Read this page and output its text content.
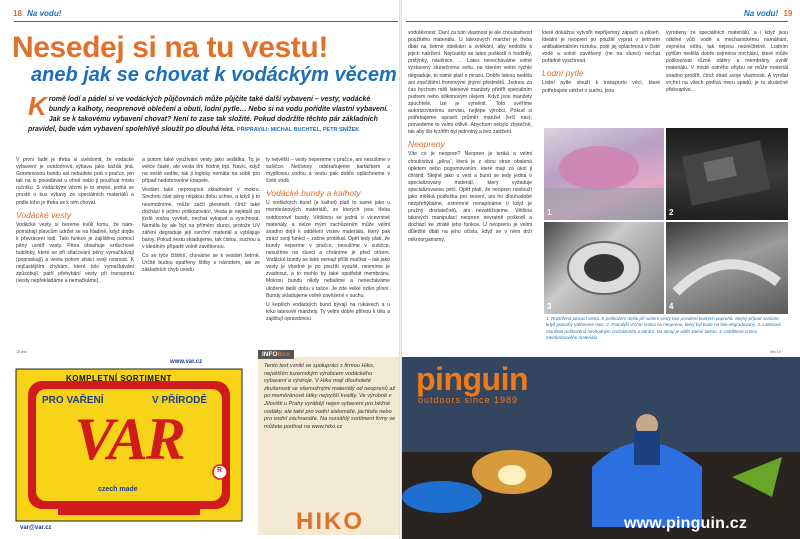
18 Na vodu!
Nesedej si na tu vestu!
aneb jak se chovat k vodáckým věcem
K romě lodí a pádel si ve vodáckých půjčovnách může půjčite také další vybavení – vesty, vodácké bundy a kalhoty, neoprenové oblečení a obuti, lodní pytle… Nebo si na vodu pořídíte vlastní vybavení. Jak se k takovému vybavení chovat? Není to zase tak složité. Pokud dodržíte těchto pár základních pravidel, bude vám vybavení spolehlivě sloužit po dlouhá léta. PŘIPRAVILI: MICHAL BUCHTEL, PETR SNÍŽEK

V první řadě je třeba si uvědomit, že vodácké vybavení je outdoorová výbava jako každá jiná. Goretexovou bundu asi nebudete prát v pračce, jen tak na ni posedávat u ohně nebo ji používat místo ručníku. S vodáckými věcmi je to stejné, jedná se prostě o kus výbavy ze speciálních materiálů a podle toho je třeba se k nim chovat.

Vodácké vesty

Vodácké vesty si bereme kvůli tomu, že námpomáhají plavcům udržet se na hladině, když dojde k převrácení lodi. Tato funkce je zajištěna pomocí pěny uvnitř vesty. Pěna obsahuje vzduchové bublinky, které se při stlačování pěny vymačkávají (popraskají) a vesta potom ztrácí svoji nosnost. K nejčastějším chybám, které tolo vymačkávání způsobují, patří přehybání vesty při transportu (vesty nepřekládáme a nemačkáme),

a potom také využívání vesty jako sedátka. To je velice časté, ale vesta tím hodně trpí. Navíc, když na vestě sedíte, tak ji logicky nemáte na sobě pro případ nedobrovolné koupele.

Vestám také neprospívá skladování v mokru. Sinchrní část pěny nějakou dobu schne, a když ji to neumožníme, může začít plesnivět, čímž také dochází k jejímu poškozování. Vesta je nejlepší po jízdě vodou vyvěsit, nechat vykapat a vyschnout. Neměla by ale být na přímém slunci, protože UV záření degraduje její svrchní materiál a vyblajuje barvy. Pokud vestu skladujeme, tak čistou, suchou a v ideálním případě volně zavěšenou.

Co se týče čištění, chováme se k vestám šetrně. Určitě budou opatřeny štítky s návodem, ale ze základních chyb uvedu

ty největší – vesty nepereme v pračce, ani nesušíme v sušičce. Nečistoty odstraňujeme kartáčkem a myjdlovou vodou a vestu pak dobře opláchneme v čisté vodě.

Vodácké bundy a kalhoty

U vodáckých bund (a kalhot) platí to samé jako u membránových materiálů, ze kterých jsou třeba outdoorové bundy. Většinou se jedná o vícevrstvé materiály, a nelze mým zachůzením může velmi snadno dojít k oddělení vrstev materiálu, který pak ztrácí svoji funkci – začne protékat. Opět tedy platí, že bundy neperme v pračce, nesušíme v sušičce, nesušíme na slunci a chráníme je před otírem. Vodácké bundy se také nemají příliš mačkat – tak jako vesty je vhodné je po použití vysušit, nesmíme je zvadnout, a to mohlo by také opotřebit membránu. Mokrou bundu nikdy nebalíme a nenecháváme uložené delší dobu v tašce. Je zde velké riziko plísní. Bundy skladujeme volně zavěšené v suchu.

U kepších vodáckých bund bývají na rukávech a u krku latexové manžety. Ty velmi dobře přilnou k tělu a zajištují opravdovou

18 léto
www.var.cz
KOMPLETNÍ SORTIMENT
PRO VAŘENÍ	V PŘÍRODĚ
VAR	R
czech made
var@var.cz
INFOBox
Tento text vznikl ve spolupráci s firmou Hiko, největším tuzemským výrobcem vodáckého vybavení a výstroje. V Hiku mají dlouholeté zkušenosti se všemožnými materiály od neoprenů až po membránové látky nejvyšší kvality. Ve výrobně v Jílovišti u Prahy vyrábějí nejen vybavení pro běžné vodáky, ale také pro vodní slalomáře, jachtaře nebo pro vodní záchranáře. Na rozsáhlý sortiment firmy se můžete podívat na www.hiko.cz
HIKO
Na vodu! 19

vodotěsnost. Daní za tuto vlastnost je ale choulostivost použitého materiálu. U latexových manžet je třeba dbát na šetrné oblékání a svlékání, aby nedošlo k jejich natržení. Nejčastěji se latex poškodí o hodinky, prstýnky, náušnice, … Latex nenecháváme volně vystavený slunečnímu svitu, na kterém velmi rychle degraduje, to samé platí o mrazu. Dobře latexu neděla ani znečištění fromovými jinými předmětů. Jednou za čas bychom měli latexové manžety přetřít speciálním pudrem nebo silikonovým olejem. Když jsou manžety zpuchřelé, lze je vyměnit. Toto svěříme autorizovanému servisu, nejlépe výrobci. Pokud si potřebujeme upravit průměr manžet (krčí nás), provedeme to velmi citlivě. Abychom nebylo zbytečně, tak aby šlo krz/třih byl jednotný a bez zatržení.

Neopreny

Víte co je neopren? Neopren je tenká a velmi choulostivá „pěna“, která je z obou stran obalená úpletem nebo pogumovaním, které mají za úkol ji chránit. Stejně jako u vest a bund se tedy jedná o specializovaný materiál, který vyžaduje specializovanou péči. Opět platí, že neopren neslouží jako měkká podložka pro sezení, ani ho dlouhodobě nezpřehýbáme, extrémně nenapínáme (i když je pružný dostatečně), ani nezatěžujeme. Většina takových manipulací neopren nevratně poškodí a dochází ke ztrátě jeho funkce. U neoprenu je velmi důležité dbát na jeho očistu, když se v něm drží mikroorganismy,

které dokážou vytvořit nepříjemný zápach a plíseň. Ideální je neopren po použití vyprat v šetrném antibakteriálním roztoku, potě jej opláchnout v čisté vodě a volně zavěšený (ne na slunci) nechat pořádně vyschnout.

Lodní pytle

Lodní pytle slouží k transportu věcí, které potřebujete udržet v suchu, jsou

vyrobeny ze speciálních materiálů, a i když jsou odolné vůči vodě a mechanickému namáhání, zejména odíru, tak nejsou nezničitelné. Lodním pytlům nedělá dobře zejména mrchlání, které může poškozovat různé zátěry a membrány uvnitř materiálu. V místě ostrého ohybu se může materiál snadno prodřít, čímž ztratí svoje vlastnosti. A vyndat vrchní na všech podívá moru spadů, je tu skutečně překvapivo…

1	2
3	4
1. Roztržená plovací vesta. K poškození došlo při sušení vesty bez povolení horkých popruhů. Stejný případ nastane, když popruhy utáhneme moc. 2. Patrnější vrchní vrstva na neoprenu, který byl bude na fole degradovaný. 3. Latexová manžeta poškozená nevhodným zacházením a otírání. Na okraji je vidět zteřelí latexu. 4. Oddělená vrstva membránového materiálu.
léto 19
pinguin
outdoors since 1989
www.pinguin.cz
